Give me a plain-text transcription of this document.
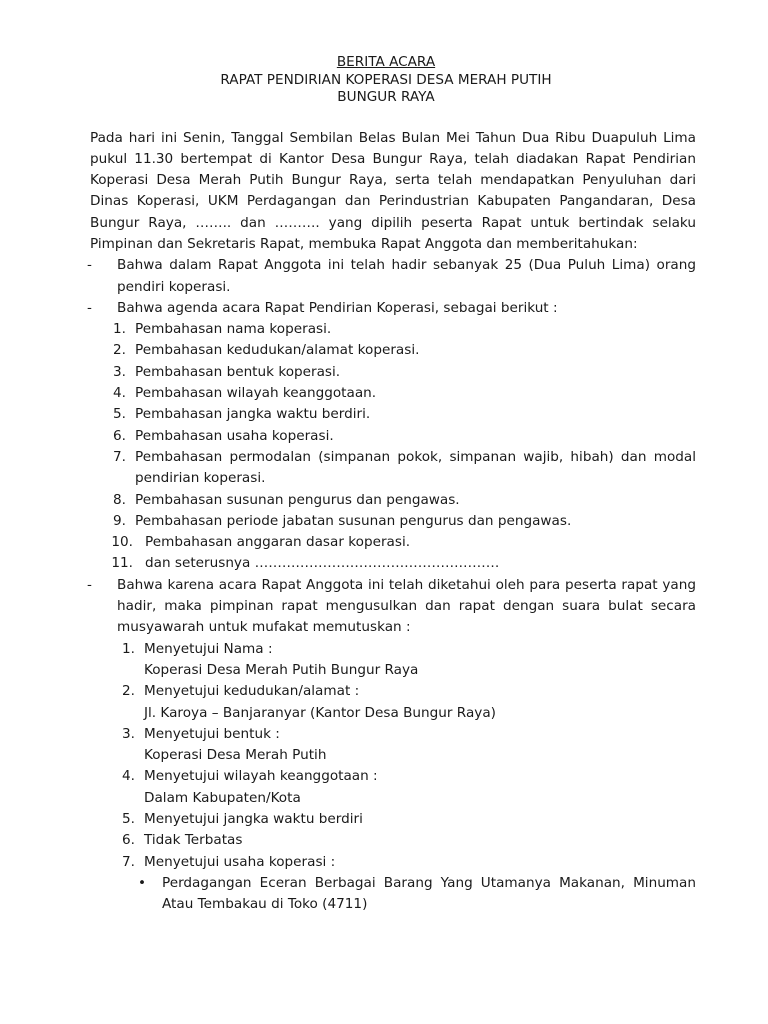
BERITA ACARA
RAPAT PENDIRIAN KOPERASI DESA MERAH PUTIH
BUNGUR RAYA
Pada hari ini Senin, Tanggal Sembilan Belas Bulan Mei Tahun Dua Ribu Duapuluh Lima pukul 11.30 bertempat di Kantor Desa Bungur Raya, telah diadakan Rapat Pendirian Koperasi Desa Merah Putih Bungur Raya, serta telah mendapatkan Penyuluhan dari Dinas Koperasi, UKM Perdagangan dan Perindustrian Kabupaten Pangandaran, Desa Bungur Raya, …….. dan ………. yang dipilih peserta Rapat untuk bertindak selaku Pimpinan dan Sekretaris Rapat, membuka Rapat Anggota dan memberitahukan:
- Bahwa dalam Rapat Anggota ini telah hadir sebanyak 25 (Dua Puluh Lima) orang pendiri koperasi.
- Bahwa agenda acara Rapat Pendirian Koperasi, sebagai berikut :
1. Pembahasan nama koperasi.
2. Pembahasan kedudukan/alamat koperasi.
3. Pembahasan bentuk koperasi.
4. Pembahasan wilayah keanggotaan.
5. Pembahasan jangka waktu berdiri.
6. Pembahasan usaha koperasi.
7. Pembahasan permodalan (simpanan pokok, simpanan wajib, hibah) dan modal pendirian koperasi.
8. Pembahasan susunan pengurus dan pengawas.
9. Pembahasan periode jabatan susunan pengurus dan pengawas.
10. Pembahasan anggaran dasar koperasi.
11. dan seterusnya ………………………………………………
- Bahwa karena acara Rapat Anggota ini telah diketahui oleh para peserta rapat yang hadir, maka pimpinan rapat mengusulkan dan rapat dengan suara bulat secara musyawarah untuk mufakat memutuskan :
1. Menyetujui Nama :
Koperasi Desa Merah Putih Bungur Raya
2. Menyetujui kedudukan/alamat :
Jl. Karoya – Banjaranyar (Kantor Desa Bungur Raya)
3. Menyetujui bentuk :
Koperasi Desa Merah Putih
4. Menyetujui wilayah keanggotaan :
Dalam Kabupaten/Kota
5. Menyetujui jangka waktu berdiri
6. Tidak Terbatas
7. Menyetujui usaha koperasi :
• Perdagangan Eceran Berbagai Barang Yang Utamanya Makanan, Minuman Atau Tembakau di Toko (4711)
